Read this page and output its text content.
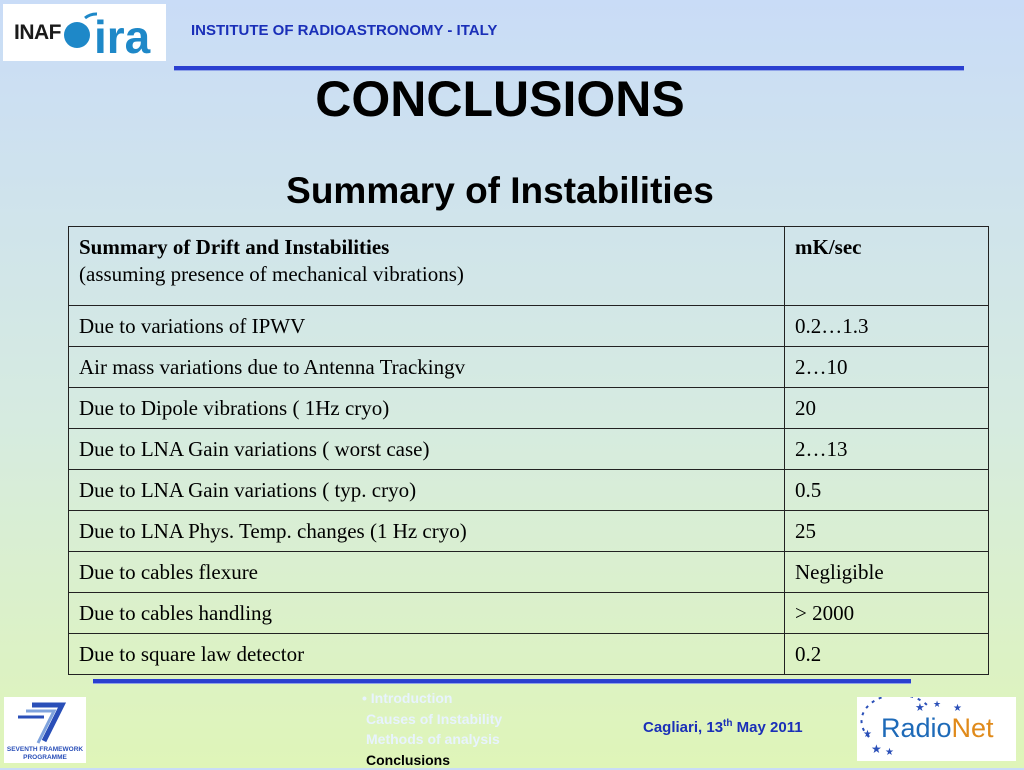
INAF ira	INSTITUTE OF RADIOASTRONOMY - ITALY
CONCLUSIONS
Summary of Instabilities
Summary of Drift and Instabilities
(assuming presence of mechanical vibrations)	mK/sec
Due to variations of IPWV	0.2…1.3
Air mass variations due to Antenna Trackingv	2…10
Due to Dipole vibrations ( 1Hz cryo)	20
Due to LNA Gain variations ( worst case)	2…13
Due to LNA Gain variations ( typ. cryo)	0.5
Due to LNA Phys. Temp. changes (1 Hz cryo)	25
Due to cables flexure	Negligible
Due to cables handling	> 2000
Due to square law detector	0.2
SEVENTH FRAMEWORK
PROGRAMME
• Introduction
Causes of Instability
Methods of analysis
Conclusions
Cagliari, 13th May 2011
★ ★
★
★ ★ ★
RadioNet
